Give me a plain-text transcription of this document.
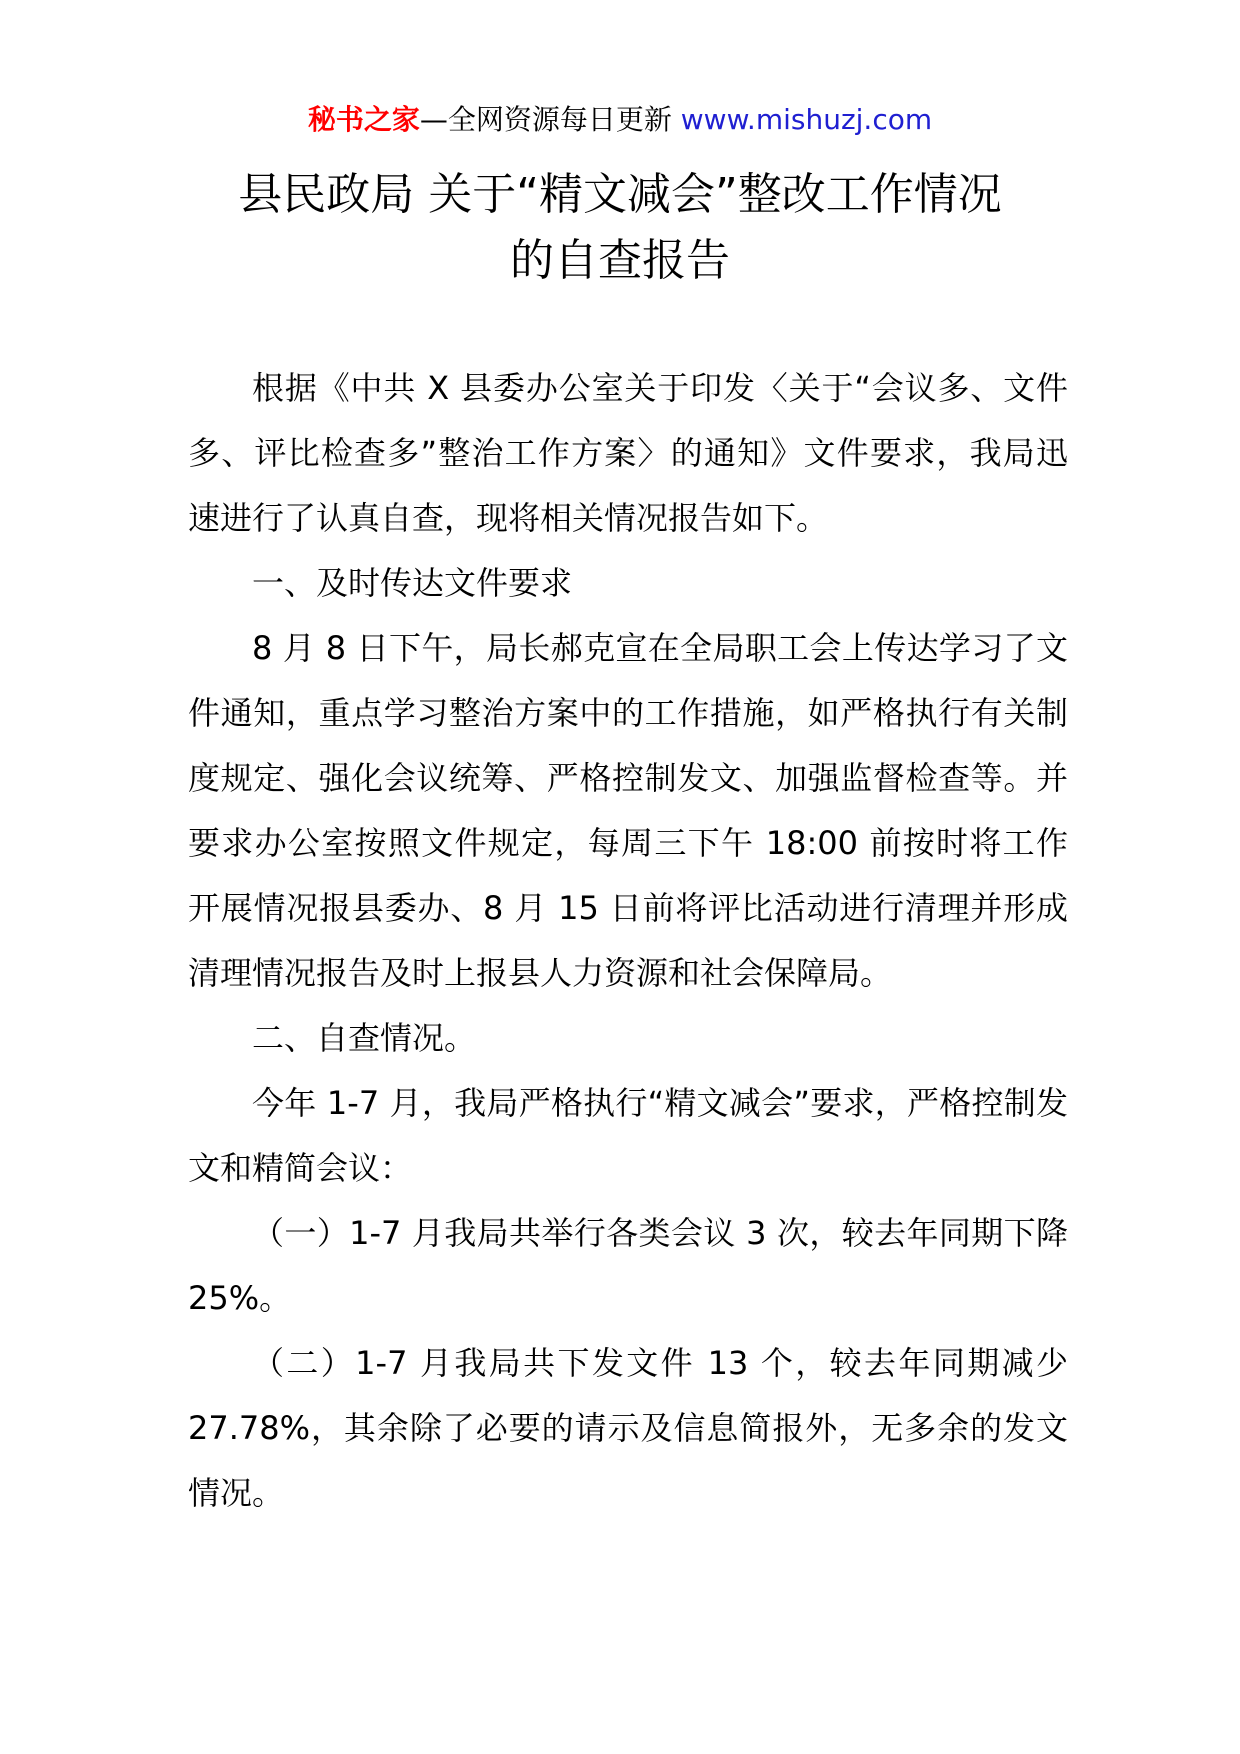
秘书之家—全网资源每日更新 www.mishuzj.com
县民政局 关于“精文减会”整改工作情况
的自查报告

根据《中共 X 县委办公室关于印发〈关于“会议多、文件多、评比检查多”整治工作方案〉的通知》文件要求，我局迅速进行了认真自查，现将相关情况报告如下。

一、及时传达文件要求

8 月 8 日下午，局长郝克宣在全局职工会上传达学习了文件通知，重点学习整治方案中的工作措施，如严格执行有关制度规定、强化会议统筹、严格控制发文、加强监督检查等。并要求办公室按照文件规定，每周三下午 18:00 前按时将工作开展情况报县委办、8 月 15 日前将评比活动进行清理并形成清理情况报告及时上报县人力资源和社会保障局。

二、自查情况。

今年 1-7 月，我局严格执行“精文减会”要求，严格控制发文和精简会议：

（一）1-7 月我局共举行各类会议 3 次，较去年同期下降 25%。

（二）1-7 月我局共下发文件 13 个，较去年同期减少 27.78%，其余除了必要的请示及信息简报外，无多余的发文情况。
